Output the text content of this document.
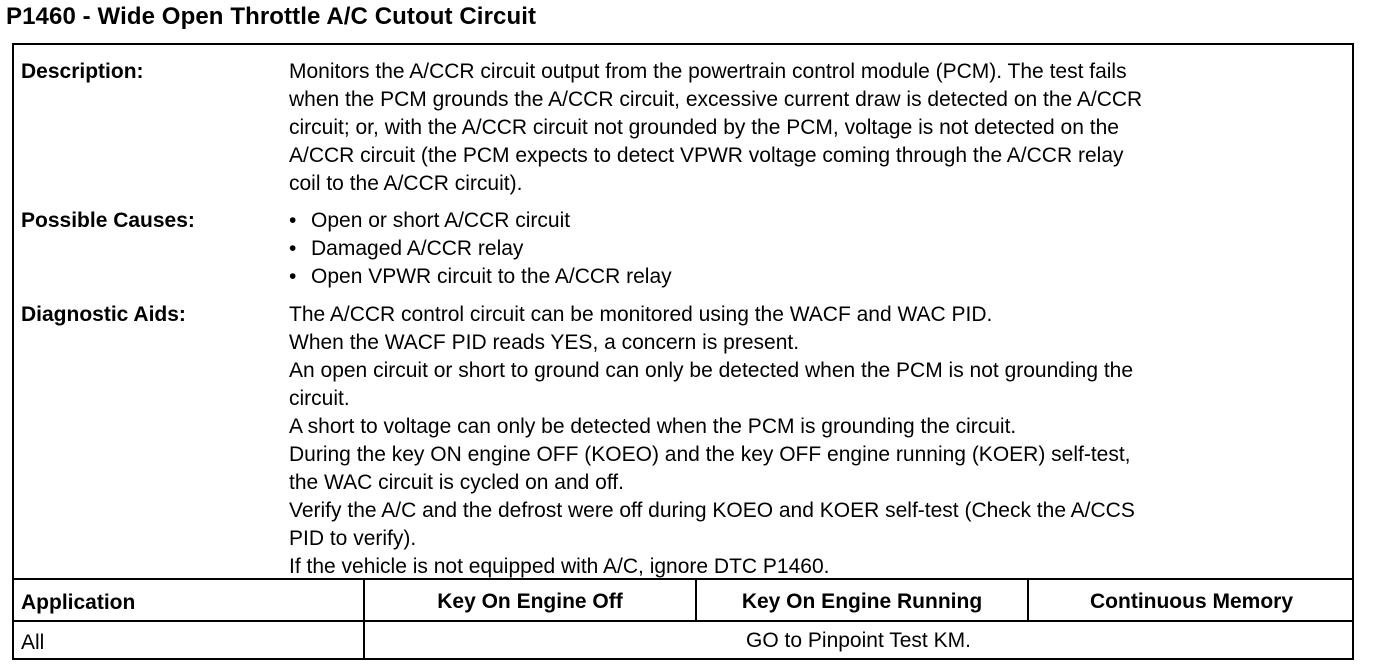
P1460 - Wide Open Throttle A/C Cutout Circuit
Description:	Monitors the A/CCR circuit output from the powertrain control module (PCM). The test fails
when the PCM grounds the A/CCR circuit, excessive current draw is detected on the A/CCR
circuit; or, with the A/CCR circuit not grounded by the PCM, voltage is not detected on the
A/CCR circuit (the PCM expects to detect VPWR voltage coming through the A/CCR relay
coil to the A/CCR circuit).
Possible Causes:
•	Open or short A/CCR circuit
• Damaged A/CCR relay
• Open VPWR circuit to the A/CCR relay
Diagnostic Aids:	The A/CCR control circuit can be monitored using the WACF and WAC PID.
When the WACF PID reads YES, a concern is present.
An open circuit or short to ground can only be detected when the PCM is not grounding the
circuit.
A short to voltage can only be detected when the PCM is grounding the circuit.
During the key ON engine OFF (KOEO) and the key OFF engine running (KOER) self-test,
the WAC circuit is cycled on and off.
Verify the A/C and the defrost were off during KOEO and KOER self-test (Check the A/CCS
PID to verify).
If the vehicle is not equipped with A/C, ignore DTC P1460.
Application	Key On Engine Off	Key On Engine Running	Continuous Memory
All	GO to Pinpoint Test KM.
